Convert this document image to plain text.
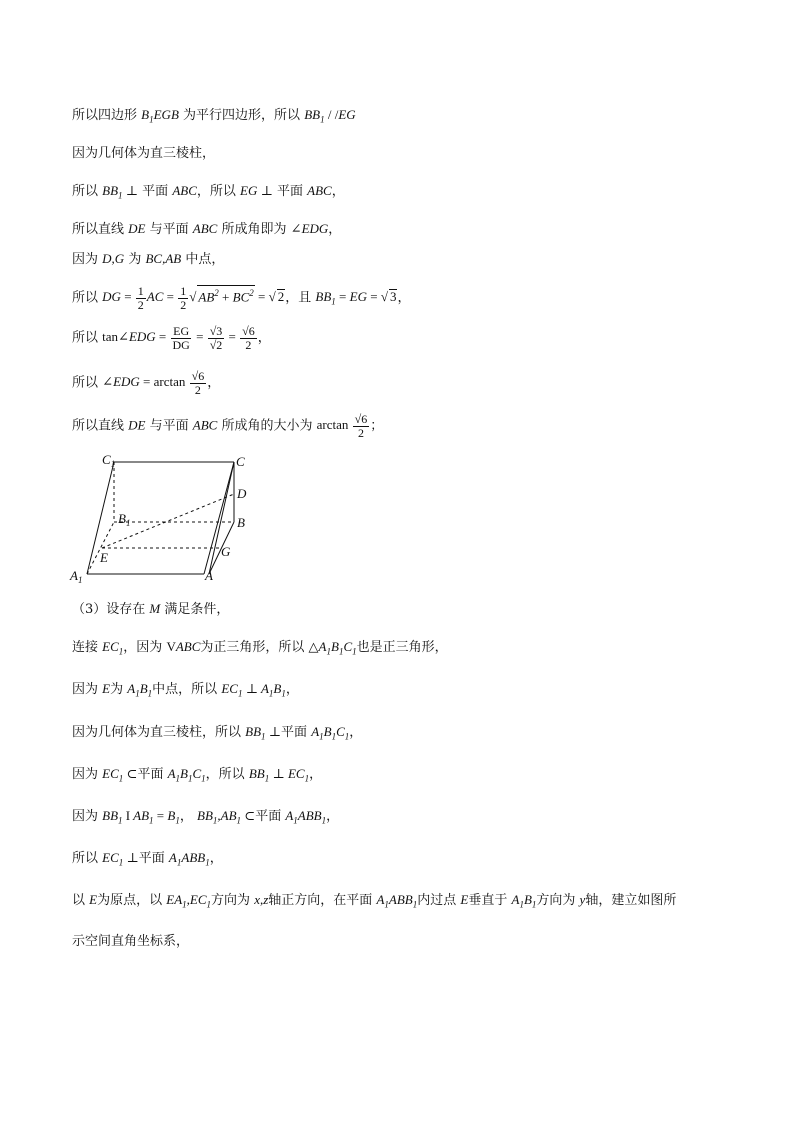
所以四边形 $B_1EGB$ 为平行四边形，所以 $BB_1 / /EG$
因为几何体为直三棱柱，
所以 $BB_1$ ⊥ 平面 ABC，所以 EG ⊥ 平面 ABC，
所以直线 DE 与平面 ABC 所成角即为 ∠EDG，
因为 D,G 为 BC,AB 中点，
所以 DG = $\frac{1}{2}$ AC = $\frac{1}{2}$ √ $AB^2 + BC^2$ = √ 2，且 $BB_1$ = EG = √ 3，
所以 tan∠EDG = $\frac{EG}{DG} = \frac{√3}{√2} = \frac{√6}{2}$ ，
所以 ∠EDG = $\arctan \frac{√6}{2}$ ，
所以直线 DE 与平面 ABC 所成角的大小为 $\arctan \frac{√6}{2}$ ；
$C_1$	C
D
$B_1$	B
G
E
$A_1$	A
（3）设存在 M 满足条件，
连接 $EC_1$，因为 VABC为正三角形，所以 $\triangle A_1B_1C_1$也是正三角形，
因为 E为 $A_1B_1$中点，所以 $EC_1$ ⊥ $A_1B_1$，
因为几何体为直三棱柱，所以 $BB_1$ ⊥平面 $A_1B_1C_1$，
因为 $EC_1$ ⊂平面 $A_1B_1C_1$，所以 $BB_1$ ⊥ $EC_1$，
因为 $BB_1$ I $AB_1 = B_1$， $BB_1,AB_1$ ⊂平面 $A_1ABB_1$，
所以 $EC_1$ ⊥平面 $A_1ABB_1$，
以 E为原点，以 $EA_1,EC_1$方向为 x,z轴正方向，在平面 $A_1ABB_1$内过点 E垂直于 $A_1B_1$方向为 y轴，建立如图所
示空间直角坐标系，
